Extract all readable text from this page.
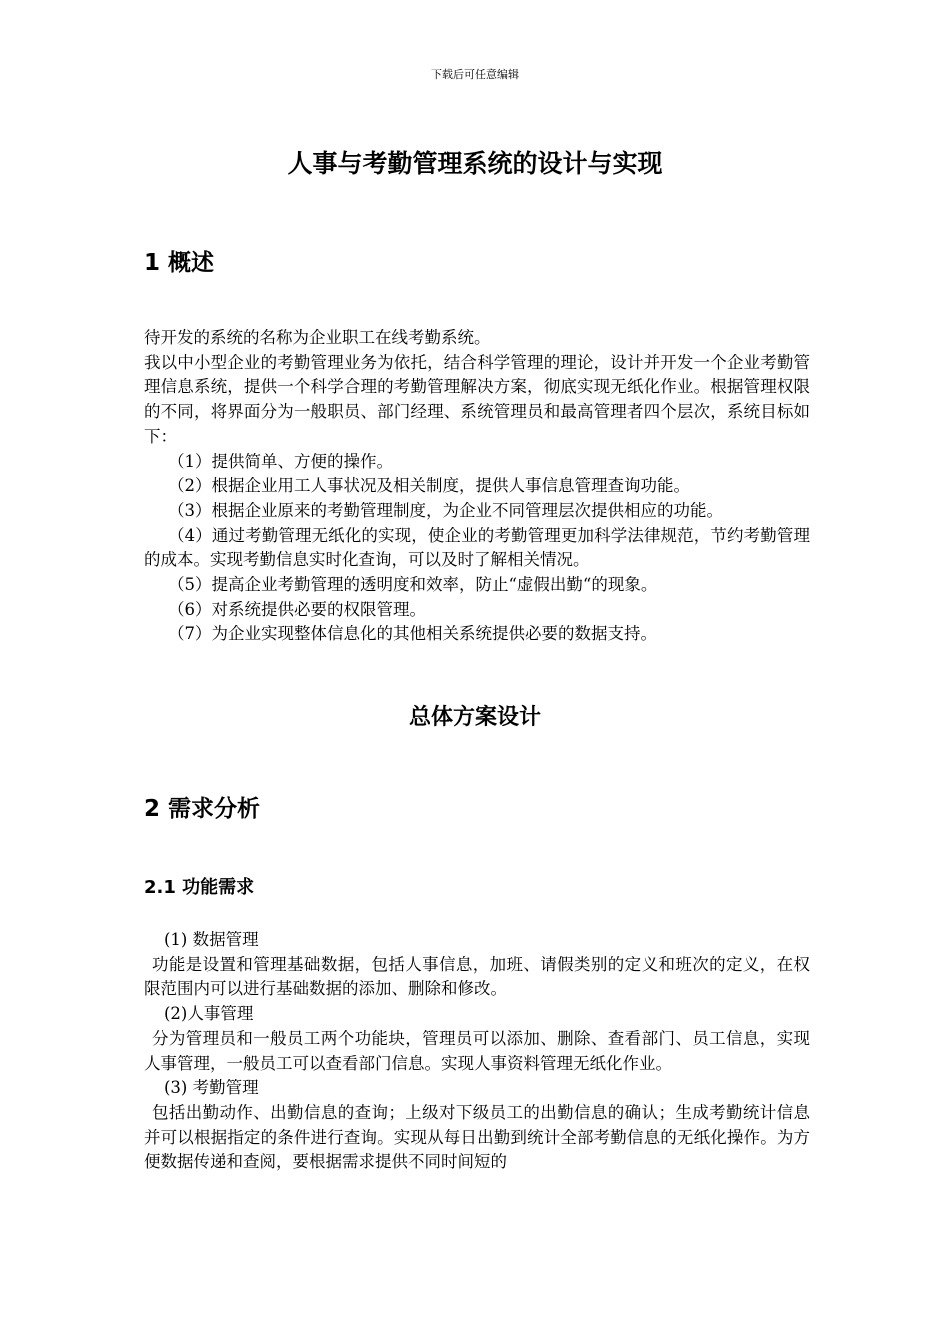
下载后可任意编辑
人事与考勤管理系统的设计与实现
1 概述

待开发的系统的名称为企业职工在线考勤系统。

我以中小型企业的考勤管理业务为依托，结合科学管理的理论，设计并开发一个企业考勤管理信息系统，提供一个科学合理的考勤管理解决方案，彻底实现无纸化作业。根据管理权限的不同，将界面分为一般职员、部门经理、系统管理员和最高管理者四个层次，系统目标如下：

（1）提供简单、方便的操作。

（2）根据企业用工人事状况及相关制度，提供人事信息管理查询功能。

（3）根据企业原来的考勤管理制度，为企业不同管理层次提供相应的功能。

（4）通过考勤管理无纸化的实现，使企业的考勤管理更加科学法律规范，节约考勤管理的成本。实现考勤信息实时化查询，可以及时了解相关情况。

（5）提高企业考勤管理的透明度和效率，防止“虚假出勤“的现象。

（6）对系统提供必要的权限管理。

（7）为企业实现整体信息化的其他相关系统提供必要的数据支持。

总体方案设计
2 需求分析
2.1 功能需求

(1) 数据管理

功能是设置和管理基础数据，包括人事信息，加班、请假类别的定义和班次的定义，在权限范围内可以进行基础数据的添加、删除和修改。

(2)人事管理

分为管理员和一般员工两个功能块，管理员可以添加、删除、查看部门、员工信息，实现人事管理，一般员工可以查看部门信息。实现人事资料管理无纸化作业。

(3) 考勤管理

包括出勤动作、出勤信息的查询；上级对下级员工的出勤信息的确认；生成考勤统计信息并可以根据指定的条件进行查询。实现从每日出勤到统计全部考勤信息的无纸化操作。为方便数据传递和查阅，要根据需求提供不同时间短的
